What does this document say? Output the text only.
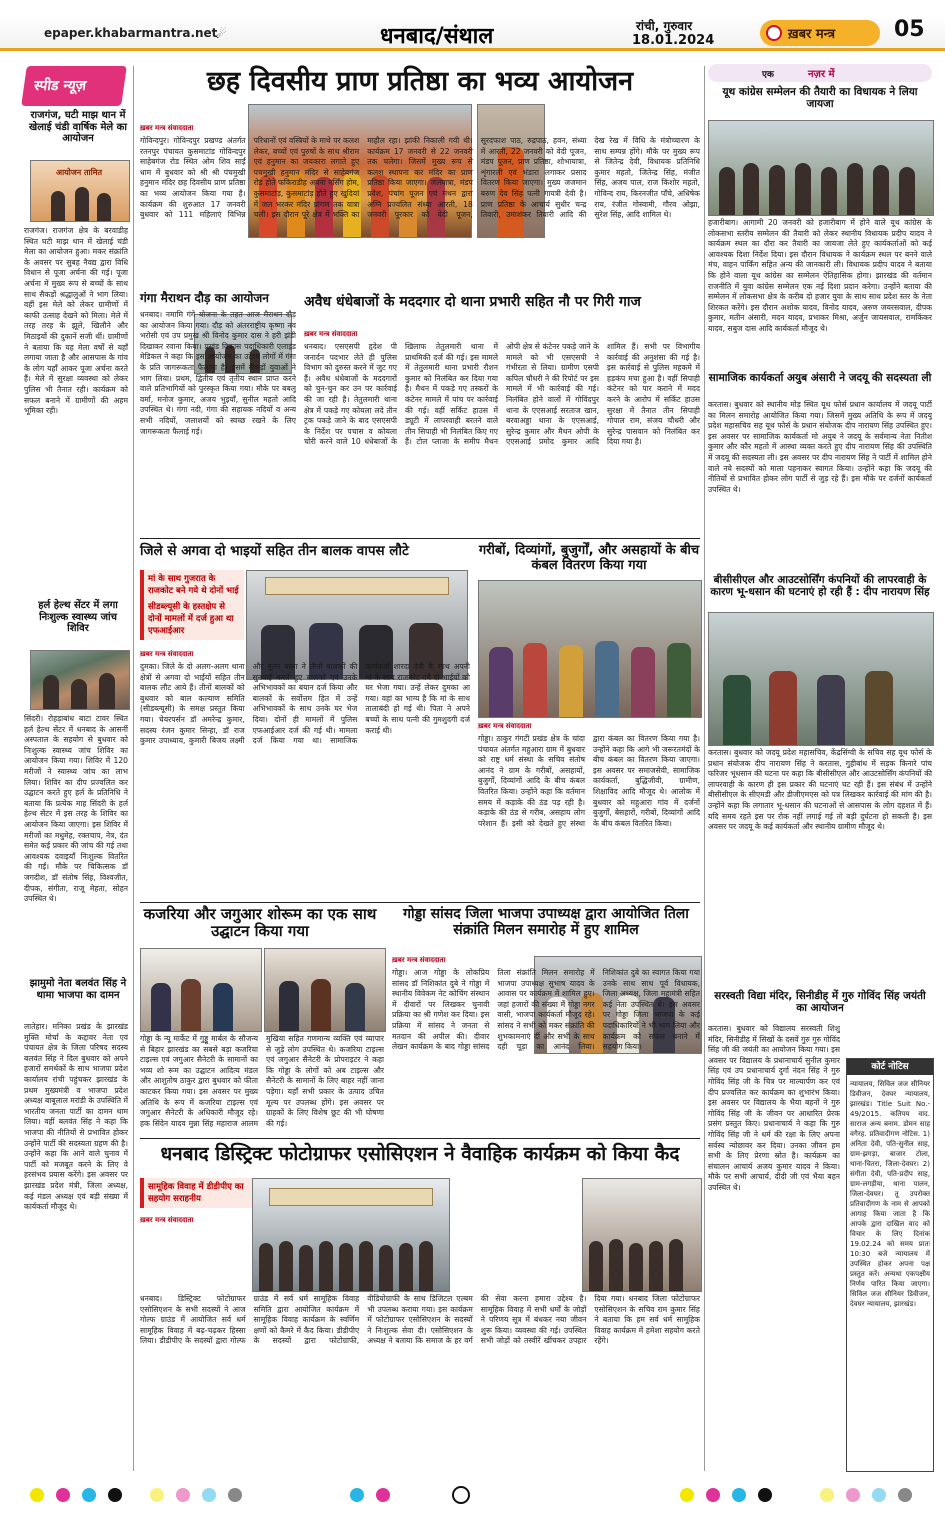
epaper.khabarmantra.net
☄	धनबाद/संथाल	रांची, गुरुवार
18.01.2024	ख़बर मन्त्र	05
स्पीड न्यूज़
राजगंज, घटी माझ थान में खेलाई चंडी वार्षिक मेले का आयोजन
आयोजन तामित
राजगंज। राजगंज क्षेत्र के बरवाडीह स्थित घटी माझ थान में खेलाई चंडी मेला का आयोजन हुआ। मकर संक्रांति के अवसर पर सुबह नैवद्य द्वारा विधि विधान से पूजा अर्चना की गई। पूजा अर्चना में मुख्य रूप से बच्चों के साथ साथ सैकड़ों श्रद्धालुओं ने भाग लिया। वहीं इस मेले को लेकर ग्रामीणों में काफी उत्साह देखने को मिला। मेले में तरह तरह के झूले, खिलौने और मिठाइयों की दुकानें सजी थीं। ग्रामीणों ने बताया कि यह मेला वर्षों से यहाँ लगाया जाता है और आसपास के गांव के लोग यहाँ आकर पूजा अर्चना करते हैं। मेले में सुरक्षा व्यवस्था को लेकर पुलिस भी तैनात रही। कार्यक्रम को सफल बनाने में ग्रामीणों की अहम भूमिका रही।
हर्ल हेल्थ सेंटर में लगा निःशुल्क स्वास्थ्य जांच शिविर
सिंदरी। रोहड़ाबांध बाटा टावर स्थित हर्ल हेल्थ सेंटर में धनबाद के आसर्नी अस्पताल के सहयोग से बुधवार को निःशुल्क स्वास्थ्य जांच शिविर का आयोजन किया गया। शिविर में 120 मरीजों ने स्वास्थ्य जांच का लाभ लिया। शिविर का दीप प्रज्वलित कर उद्घाटन करते हुए हर्ल के प्रतिनिधि ने बताया कि प्रत्येक माह सिंदरी के हर्ल हेल्थ सेंटर में इस तरह के शिविर का आयोजन किया जाएगा। इस शिविर में मरीजों का मधुमेह, रक्तचाप, नेत्र, दंत समेत कई प्रकार की जांच की गई तथा आवश्यक दवाइयाँ निःशुल्क वितरित की गईं। मौके पर चिकित्सक डॉ जगदीश, डॉ संतोष सिंह, विश्वजीत, दीपक, संगीता, राजू मेहता, सोहन उपस्थित थे।
झामुमो नेता बलवंत सिंह ने थामा भाजपा का दामन
लातेहार। मनिका प्रखंड के झारखंड मुक्ति मोर्चा के कद्दावर नेता एवं पंचायत क्षेत्र के जिला परिषद सदस्य बलवंत सिंह ने दिल बुधवार को अपने हजारों समर्थकों के साथ भाजपा प्रदेश कार्यालय रांची पहुंचकर झारखंड के प्रथम मुख्यमंत्री व भाजपा प्रदेश अध्यक्ष बाबूलाल मरांडी के उपस्थिति में भारतीय जनता पार्टी का दामन थाम लिया। वहीं बलवंत सिंह ने कहा कि भाजपा की नीतियों से प्रभावित होकर उन्होंने पार्टी की सदस्यता ग्रहण की है। उन्होंने कहा कि आने वाले चुनाव में पार्टी को मजबूत करने के लिए वे हरसंभव प्रयास करेंगे। इस अवसर पर झारखंड प्रदेश मंत्री, जिला अध्यक्ष, कई मंडल अध्यक्ष एवं बड़ी संख्या में कार्यकर्ता मौजूद थे।
छह दिवसीय प्राण प्रतिष्ठा का भव्य आयोजन
ख़बर मन्त्र संवाददाता
गोविन्दपुर। गोविन्दपुर प्रखण्ड अंतर्गत रतनपुर पंचायत कुसमाटांड गोविन्दपुर साहेबगंज रोड स्थित ओम शिव साईं धाम में बुधवार को श्री श्री पंचमुखी हनुमान मंदिर छह दिवसीय प्राण प्रतिष्ठा का भव्य आयोजन किया गया है। कार्यक्रम की शुरुआत 17 जनवरी बुधवार को 111 महिलाएं विभिन्न परिधानों एवं वस्त्रियों के माथे पर कलश लेकर, बच्चों एवं पुरुषों के साथ श्रीराम एवं हनुमान का जयकारा लगाते हुए पचमुखी हनुमान मंदिर से साहेबगंज रोड होते फकिराडीह अपना नर्सिंग होम, कुसमाटांड़, कुसमाटांड़ होते हुए खुदियां में जल भरकर मंदिर प्रांगण तक यात्रा चली। इस दौरान पूरे क्षेत्र में भक्ति का माहौल रहा। झांकी निकाली गयी थी। कार्यक्रम 17 जनवरी से 22 जनवरी तक चलेगा। जिसमें मुख्य रूप से कलश स्थापना कर मंदिर का प्राण प्रतिष्ठा किया जाएगा। जलयात्रा, मंडप प्रवेश, पंचांग पूजन एवं मंथन द्वारा अग्नि प्रज्वलित संध्या आरती, 18 जनवरी पूरकार को वेदी पूजन, सूरदफाश पाठ, रुद्रपाठ, हवन, संध्या में आरती, 22 जनवरी को वेदी पूजन, मंडप पूजन, प्राण प्रतिष्ठा, शोभायात्रा, शृंगारली एवं भंडारा लगाकर प्रसाद वितरण किया जाएगा। मुख्य जजमान बरुण देव सिंह पत्नी गायत्री देवी है। प्राण प्रतिष्ठा के आचार्य सुधीर चन्द्र तिवारी, उमाशंकर तिवारी आदि की देख रेख में विधि के मंत्रोच्चारण के साथ सम्पन्न होंगे। मौके पर मुख्य रूप से जितेन्द्र देवी, विधायक प्रतिनिधि कुमार महतो, जितेन्द्र सिंह, मंजीत सिंह, अजय पाल, राज किशोर महतो, गोविन्द राय, किरनजीत पाँचे, अधिषेक राय, रंजीत गोस्वामी, गौरव ओझा, सुरेश सिंह, आदि शामिल थे।
गंगा मैराथन दौड़ का आयोजन
धनबाद। नमामि गंगे योजना के तहत आज मैराथन दौड़ का आयोजन किया गया। दौड़ को अंतरराष्ट्रीय कृष्णा नव भरोसी एवं उप प्रमुख श्री विनोद कुमार दास ने हरी झंडी दिखाकर रवाना किया। प्रखंड विकास पदाधिकारी एलाइंड मेडिकल ने कहा कि इस आयोजन का उद्देश्य लोगों में गंगा के प्रति जागरूकता फैलाना है। इसमें सैकड़ों युवाओं ने भाग लिया। प्रथम, द्वितीय एवं तृतीय स्थान प्राप्त करने वाले प्रतिभागियों को पुरस्कृत किया गया। मौके पर बबलू वर्मा, मनोज कुमार, अजय भुइयाँ, सुनील महतो आदि उपस्थित थे। गंगा नदी, गंगा की सहायक नदियों व अन्य सभी नदियों, जलाशयों को स्वच्छ रखने के लिए जागरूकता फैलाई गई।
अवैध धंधेबाजों के मददगार दो थाना प्रभारी सहित नौ पर गिरी गाज
ख़बर मन्त्र संवाददाता
धनबाद। एसएसपी हृदेश पी जनार्दन पदभार लेते ही पुलिस विभाग को दुरुस्त करने में जुट गए हैं। अवैध धंधेबाजों के मददगारों को चुन-चुन कर उन पर कार्रवाई की जा रही है। तेतुलमारी थाना क्षेत्र में पकड़े गए कोयला लदे तीन ट्रक पकड़े जाने के बाद एसएसपी के निर्देश पर पचास व कोयला चोरी करने वाले 10 धंधेबाजों के खिलाफ तेतुलमारी थाना में प्राथमिकी दर्ज की गई। इस मामले में तेतुलमारी थाना प्रभारी रौशन कुमार को निलंबित कर दिया गया है। मैथन में पकड़े गए तस्करों के कंटेनर मामले में पांच पर कार्रवाई की गई। वहीं सर्किट हाउस में ड्यूटी में लापरवाही बरतने वाले तीन सिपाही भी निलंबित किए गए हैं। टोल प्लाजा के समीप मैथन ओपी क्षेत्र से कंटेनर पकड़े जाने के मामले को भी एसएसपी ने गंभीरता से लिया। ग्रामीण एसपी कपिल चौधरी ने की रिपोर्ट पर इस मामले में भी कार्रवाई की गई। निलंबित होने वालों में गोविंदपुर थाना के एएसआई सरताज खान, बरवाअड्डा थाना के एएसआई, सुरेन्द्र कुमार और मैथन ओपी के एएसआई प्रमोद कुमार आदि शामिल हैं। सभी पर विभागीय कार्रवाई की अनुशंसा की गई है। इस कार्रवाई से पुलिस महकमे में हड़कंप मचा हुआ है। वहीं सिपाही कंटेनर को पार कराने में मदद करने के आरोप में सर्किट हाउस सुरक्षा में तैनात तीन सिपाही गोपाल राम, संजय चौधरी और सुरेन्द्र पासवान को निलंबित कर दिया गया है।
जिले से अगवा दो भाइयों सहित तीन बालक वापस लौटे
मां के साथ गुजरात के राजकोट बने गये थे दोनों भाई
सीडब्ल्यूसी के हस्तक्षेप से दोनों मामलों में दर्ज हुआ था एफआईआर
ख़बर मन्त्र संवाददाता
दुमका। जिले के दो अलग-अलग थाना क्षेत्रों से अगवा दो भाईयों सहित तीन बालक लौट आये हैं। तीनों बालकों को बुधवार को बाल कल्याण समिति (सीडब्ल्यूसी) के समक्ष प्रस्तुत किया गया। चेयरपर्सन डॉ अमरेन्द्र कुमार, सदस्य रंजन कुमार सिन्हा, डॉ राज कुमार उपाध्याय, कुमारी बिजय लक्ष्मी और नूतन बाला ने तीनों बालकों की सुनवाई करते हुए बालकों एवं उनके अभिभावकों का बयान दर्ज किया और बालकों के सर्वोत्तम हित में उन्हें अभिभावकों के साथ उनके घर भेज दिया। दोनों ही मामलों में पुलिस एफआईआर दर्ज की गई थी। मामला दर्ज किया गया था। सामाजिक कार्यकर्ता शारदा देवी के साथ अपनी मां के साथ राजकोट गये दो भाईयों को घर भेजा गया। उन्हें लेकर दुमका आ गया। वहां का भाग्य है कि मां के साथ तालाबंदी हो गई थी। पिता ने अपने बच्चों के साथ पत्नी की गुमशुदगी दर्ज कराई थी।
गरीबों, दिव्यांगों, बुजुर्गों, और असहायों के बीच कंबल वितरण किया गया
ख़बर मन्त्र संवाददाता
गोड्डा। ठाकुर गंगटी प्रखंड क्षेत्र के चांदा पंचायत अंतर्गत महुआरा ग्राम में बुधवार को राष्ट्र धर्म संस्था के सचिव संतोष आनंद ने ग्राम के गरीबों, असहायों, बुजुर्गों, दिव्यांगों आदि के बीच कंबल वितरित किया। उन्होंने कहा कि वर्तमान समय में कड़ाके की ठंड पड़ रही है। कड़ाके की ठंड से गरीब, असहाय लोग परेशान हैं। इसी को देखते हुए संस्था द्वारा कंबल का वितरण किया गया है। उन्होंने कहा कि आगे भी जरूरतमंदों के बीच कंबल का वितरण किया जाएगा। इस अवसर पर समाजसेवी, सामाजिक कार्यकर्ता, बुद्धिजीवी, ग्रामीण, शिक्षाविद आदि मौजूद थे। आलोक में बुधवार को महुआरा गांव में दर्जनों बुजुर्गों, बेसहारों, गरीबों, दिव्यांगों आदि के बीच कंबल वितरित किया।
कजरिया और जगुआर शोरूम का एक साथ उद्घाटन किया गया
गोड्डा के न्यू मार्केट में गुड्डू मार्बल के सौजन्य से बिहार झारखंड का सबसे बड़ा कजरिया टाइल्स एवं जगुआर सैनेटरी के सामानों का भव्य शो रूम का उद्घाटन आदित्य मंडल और आशुतोष ठाकुर द्वारा बुधवार को फीता काटकर किया गया। इस अवसर पर मुख्य अतिथि के रूप में कजरिया टाइल्स एवं जगुआर सैनेटरी के अधिकारी मौजूद रहे। हक सिंदेन यादव मुन्ना सिंह महाराज आलम मुखिया सहित गणमान्य व्यक्ति एवं व्यापार से जुड़े लोग उपस्थित थे। कजरिया टाइल्स एवं जगुआर सैनेटरी के प्रोपराइटर ने कहा कि गोड्डा के लोगों को अब टाइल्स और सैनेटरी के सामानों के लिए बाहर नहीं जाना पड़ेगा। यहाँ सभी प्रकार के उत्पाद उचित मूल्य पर उपलब्ध होंगे। इस अवसर पर ग्राहकों के लिए विशेष छूट की भी घोषणा की गई।
गोड्डा सांसद जिला भाजपा उपाध्यक्ष द्वारा आयोजित तिला संक्रांति मिलन समारोह में हुए शामिल
ख़बर मन्त्र संवाददाता
गोड्डा। आज गोड्डा के लोकप्रिय सांसद डॉ निशिकांत दुबे ने गोड्डा में स्थानीय विवेकम नेट कोचिंग संस्थान में दीवारों पर लिखकर चुनावी प्रक्रिया का श्री गणेश कर दिया। इस प्रक्रिया में सांसद ने जनता से मतदान की अपील की। दीवार लेखन कार्यक्रम के बाद गोड्डा सांसद तिला संक्रांति मिलन समारोह में भाजपा उपाध्यक्ष सुभाष यादव के आवास पर कार्यक्रम में शामिल हुए। जहां हजारों की संख्या में गोड्डा नगर वासी, भाजपा कार्यकर्ता मौजूद रहे। सांसद ने सभी को मकर संक्रांति की शुभकामनाएं दीं और सभी के साथ दही चूड़ा का आनंद लिया। निशिकांत दुबे का स्वागत किया गया उनके साथ साथ पूर्व विधायक, जिला अध्यक्ष, जिला महामंत्री सहित कई नेता उपस्थित थे। इस अवसर पर गोड्डा जिला भाजपा के कई पदाधिकारियों ने भी भाग लिया और कार्यक्रम को सफल बनाने में सहयोग किया।
धनबाद डिस्ट्रिक्ट फोटोग्राफर एसोसिएशन ने वैवाहिक कार्यक्रम को किया कैद
सामूहिक विवाह में डीडीपीए का सहयोग सराहनीय
ख़बर मन्त्र संवाददाता
धनबाद। डिस्ट्रिक्ट फोटोग्राफर एसोसिएशन के सभी सदस्यों ने आज गोल्फ ग्राउंड में आयोजित सर्व धर्म सामूहिक विवाह में बढ़-चढ़कर हिस्सा लिया। डीडीपीए के सदस्यों द्वारा गोल्फ ग्राउंड में सर्व धर्म सामूहिक विवाह समिति द्वारा आयोजित कार्यक्रम में सामूहिक विवाह कार्यक्रम के स्वर्णिम क्षणों को कैमरे में कैद किया। डीडीपीए के सदस्यों द्वारा फोटोग्राफी, वीडियोग्राफी के साथ डिजिटल एल्बम भी उपलब्ध कराया गया। इस कार्यक्रम में फोटोग्राफर एसोसिएशन के सदस्यों ने निःशुल्क सेवा दी। एसोसिएशन के अध्यक्ष ने बताया कि समाज के हर वर्ग की सेवा करना हमारा उद्देश्य है। सामूहिक विवाह में सभी धर्मों के जोड़ों ने परिणय सूत्र में बंधकर नया जीवन शुरू किया। व्यवस्था की गई। उपस्थित सभी जोड़ों को तस्वीरें खींचकर उपहार दिया गया। धनबाद जिला फोटोग्राफर एसोसिएशन के सचिव राम कुमार सिंह ने बताया कि हम सर्व धर्म सामूहिक विवाह कार्यक्रम में हमेशा सहयोग करते रहेंगे।
एक	नज़र में
यूथ कांग्रेस सम्मेलन की तैयारी का विधायक ने लिया जायजा
हजारीबाग। आगामी 20 जनवरी को हजारीबाग में होने वाले यूथ कांग्रेस के लोकसभा स्तरीय सम्मेलन की तैयारी को लेकर स्थानीय विधायक प्रदीप यादव ने कार्यक्रम स्थल का दौरा कर तैयारी का जायजा लेते हुए कार्यकर्ताओं को कई आवश्यक दिशा निर्देश दिया। इस दौरान विधायक ने कार्यक्रम स्थल पर बनने वाले मंच, वाहन पार्किंग सहित अन्य की जानकारी ली। विधायक प्रदीप यादव ने बताया कि होने वाला यूथ कांग्रेस का सम्मेलन ऐतिहासिक होगा। झारखंड की वर्तमान राजनीति में युवा कांग्रेस सम्मेलन एक नई दिशा प्रदान करेगा। उन्होंने बताया की सम्मेलन में लोकसभा क्षेत्र के करीब दो हजार युवा के साथ साथ प्रदेश स्तर के नेता शिरकत करेंगे। इस दौरान अशोक यादव, विनोद यादव, अरुण जयरसवाल, दीपक कुमार, मतीन अंसारी, मदन यादव, प्रभाकर मिश्रा, अर्जुन जायसवाल, रामकिंकर यादव, सबुज दास आदि कार्यकर्ता मौजूद थे।
सामाजिक कार्यकर्ता अयुब अंसारी ने जदयू की सदस्यता ली
करतास। बुधवार को स्थानीय मोड़ स्थित यूथ फोर्स प्रधान कार्यालय में जदयू पार्टी का मिलन समारोह आयोजित किया गया। जिसमें मुख्य अतिथि के रूप में जदयू प्रदेश महासचिव सह यूथ फोर्स के प्रधान संयोजक दीप नारायण सिंह उपस्थित हुए। इस अवसर पर सामाजिक कार्यकर्ता मो अयुब ने जदयू के सर्वमान्य नेता नितीश कुमार और कौर महतो में आस्था व्यक्त करते हुए दीप नारायण सिंह की उपस्थिति में जदयू की सदस्यता ली। इस अवसर पर दीप नारायण सिंह ने पार्टी में शामिल होने वाले नये सदस्यों को माला पहनाकर स्वागत किया। उन्होंने कहा कि जदयू की नीतियों से प्रभावित होकर लोग पार्टी से जुड़ रहे हैं। इस मौके पर दर्जनों कार्यकर्ता उपस्थित थे।
बीसीसीएल और आउटसोर्सिंग कंपनियों की लापरवाही के कारण भू-धसान की घटनाएं हो रही हैं : दीप नारायण सिंह
करतास। बुधवार को जदयू प्रदेश महासचिव, केंद्रसिंग्वी के सचिव सह यूथ फोर्स के प्रधान संयोजक दीप नारायण सिंह ने करतास, गुहीबांध में सड़क किनारे पांच फरिजर भूधसान की घटना पर कहा कि बीसीसीएल और आउटसोर्सिंग कंपनियों की लापरवाही के कारण ही इस प्रकार की घटनाएं घट रही हैं। इस संबंध में उन्होंने बीसीसीएल के सीएमडी और डीजीएमएस को पत्र लिखकर कार्रवाई की मांग की है। उन्होंने कहा कि लगातार भू-धसान की घटनाओं से आसपास के लोग दहशत में हैं। यदि समय रहते इस पर रोक नहीं लगाई गई तो बड़ी दुर्घटना हो सकती है। इस अवसर पर जदयू के कई कार्यकर्ता और स्थानीय ग्रामीण मौजूद थे।
सरस्वती विद्या मंदिर, सिनीडीह में गुरु गोविंद सिंह जयंती का आयोजन
करतास। बुधवार को विद्यालय सरस्वती शिशु मंदिर, सिनीडीह में सिखों के दसवें गुरु गुरु गोविंद सिंह जी की जयंती का आयोजन किया गया। इस अवसर पर विद्यालय के प्रधानाचार्य सुनील कुमार सिंह एवं उप प्रधानाचार्य दुर्गा नंदन सिंह ने गुरु गोविंद सिंह जी के चित्र पर माल्यार्पण कर एवं दीप प्रज्वलित कर कार्यक्रम का शुभारंभ किया। इस अवसर पर विद्यालय के भैया बहनों ने गुरु गोविंद सिंह जी के जीवन पर आधारित प्रेरक प्रसंग प्रस्तुत किए। प्रधानाचार्य ने कहा कि गुरु गोविंद सिंह जी ने धर्म की रक्षा के लिए अपना सर्वस्व न्योछावर कर दिया। उनका जीवन हम सभी के लिए प्रेरणा स्रोत है। कार्यक्रम का संचालन आचार्य अजय कुमार यादव ने किया। मौके पर सभी आचार्य, दीदी जी एवं भैया बहन उपस्थित थे।
कोर्ट नोटिस
न्यायालय, सिविल जज सीनियर डिवीजन, देवघर न्यायालय, झारखंड। Title Suit No.- 49/2015. कतिपय वाद. साराज अन्य बनाम. डोमन साह वगैरह. प्रतिवादीगण नोटिस. 1) अनिता देवी, पति-सुनील साह, ग्राम-झगड़ा, बाजार टोला, थाना-चितरा, जिला-देवघर। 2) संगीता देवी, पति-प्रदीप साह, ग्राम-लगड़ीया, थाना पालन, जिला-देवघर। तू उपरोक्त प्रतिवादीगण के नाम से आपको आगाह किया जाता है कि आपके द्वारा दाखिल वाद को विचार के लिए दिनांक 19.02.24 को समय प्रातः 10:30 बजे न्यायालय में उपस्थित होकर अपना पक्ष प्रस्तुत करें। अन्यथा एकपक्षीय निर्णय पारित किया जाएगा। सिविल जज सीनियर डिवीजन, देवघर न्यायालय, झारखंड।
